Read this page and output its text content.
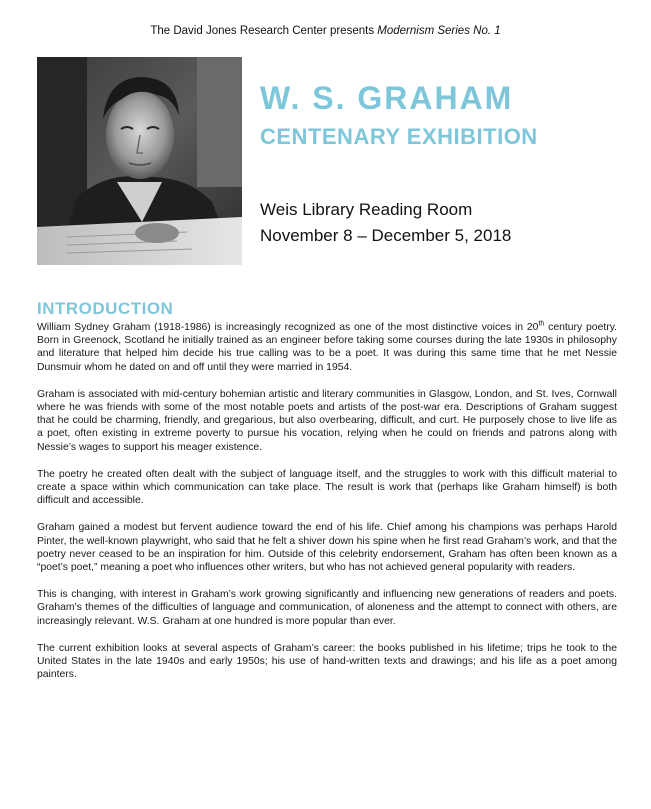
The David Jones Research Center presents Modernism Series No. 1
W. S. GRAHAM
CENTENARY EXHIBITION
Weis Library Reading Room
November 8 – December 5, 2018
INTRODUCTION

William Sydney Graham (1918-1986) is increasingly recognized as one of the most distinctive voices in 20th century poetry. Born in Greenock, Scotland he initially trained as an engineer before taking some courses during the late 1930s in philosophy and literature that helped him decide his true calling was to be a poet. It was during this same time that he met Nessie Dunsmuir whom he dated on and off until they were married in 1954.

Graham is associated with mid-century bohemian artistic and literary communities in Glasgow, London, and St. Ives, Cornwall where he was friends with some of the most notable poets and artists of the post-war era. Descriptions of Graham suggest that he could be charming, friendly, and gregarious, but also overbearing, difficult, and curt. He purposely chose to live life as a poet, often existing in extreme poverty to pursue his vocation, relying when he could on friends and patrons along with Nessie’s wages to support his meager existence.

The poetry he created often dealt with the subject of language itself, and the struggles to work with this difficult material to create a space within which communication can take place. The result is work that (perhaps like Graham himself) is both difficult and accessible.

Graham gained a modest but fervent audience toward the end of his life. Chief among his champions was perhaps Harold Pinter, the well-known playwright, who said that he felt a shiver down his spine when he first read Graham’s work, and that the poetry never ceased to be an inspiration for him. Outside of this celebrity endorsement, Graham has often been known as a “poet’s poet,” meaning a poet who influences other writers, but who has not achieved general popularity with readers.

This is changing, with interest in Graham’s work growing significantly and influencing new generations of readers and poets. Graham’s themes of the difficulties of language and communication, of aloneness and the attempt to connect with others, are increasingly relevant. W.S. Graham at one hundred is more popular than ever.

The current exhibition looks at several aspects of Graham’s career: the books published in his lifetime; trips he took to the United States in the late 1940s and early 1950s; his use of hand-written texts and drawings; and his life as a poet among painters.
